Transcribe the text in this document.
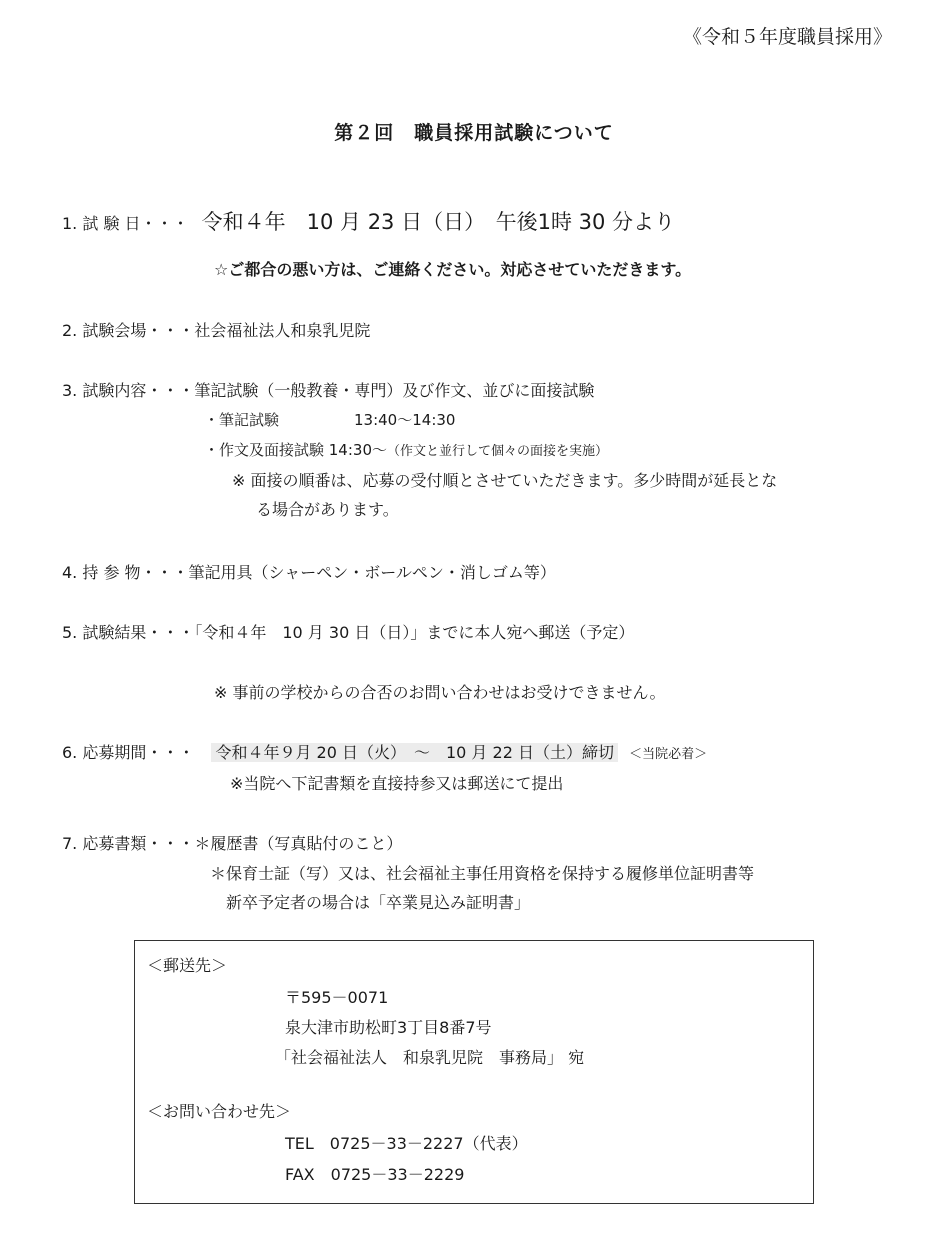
《令和５年度職員採用》
第２回　職員採用試験について
1. 試 験 日・・・ 令和４年　10 月 23 日（日）　午後1時 30 分より
☆ご都合の悪い方は、ご連絡ください。対応させていただきます。
2. 試験会場・・・社会福祉法人和泉乳児院
3. 試験内容・・・筆記試験（一般教養・専門）及び作文、並びに面接試験
・筆記試験	13:40～14:30
・作文及面接試験 14:30～（作文と並行して個々の面接を実施）
※ 面接の順番は、応募の受付順とさせていただきます。多少時間が延長とな
る場合があります。
4. 持 参 物・・・筆記用具（シャーペン・ボールペン・消しゴム等）
5. 試験結果・・・「令和４年　10 月 30 日（日）」までに本人宛へ郵送（予定）
※ 事前の学校からの合否のお問い合わせはお受けできません。
6. 応募期間・・・ 令和４年９月 20 日（火）　～　10 月 22 日（土）締切 ＜当院必着＞
※当院へ下記書類を直接持参又は郵送にて提出
7. 応募書類・・・＊履歴書（写真貼付のこと）
＊保育士証（写）又は、社会福祉主事任用資格を保持する履修単位証明書等
新卒予定者の場合は「卒業見込み証明書」
＜郵送先＞
〒595－0071
泉大津市助松町3丁目8番7号
「社会福祉法人　和泉乳児院　事務局」 宛
＜お問い合わせ先＞
TEL　0725－33－2227（代表）
FAX　0725－33－2229
